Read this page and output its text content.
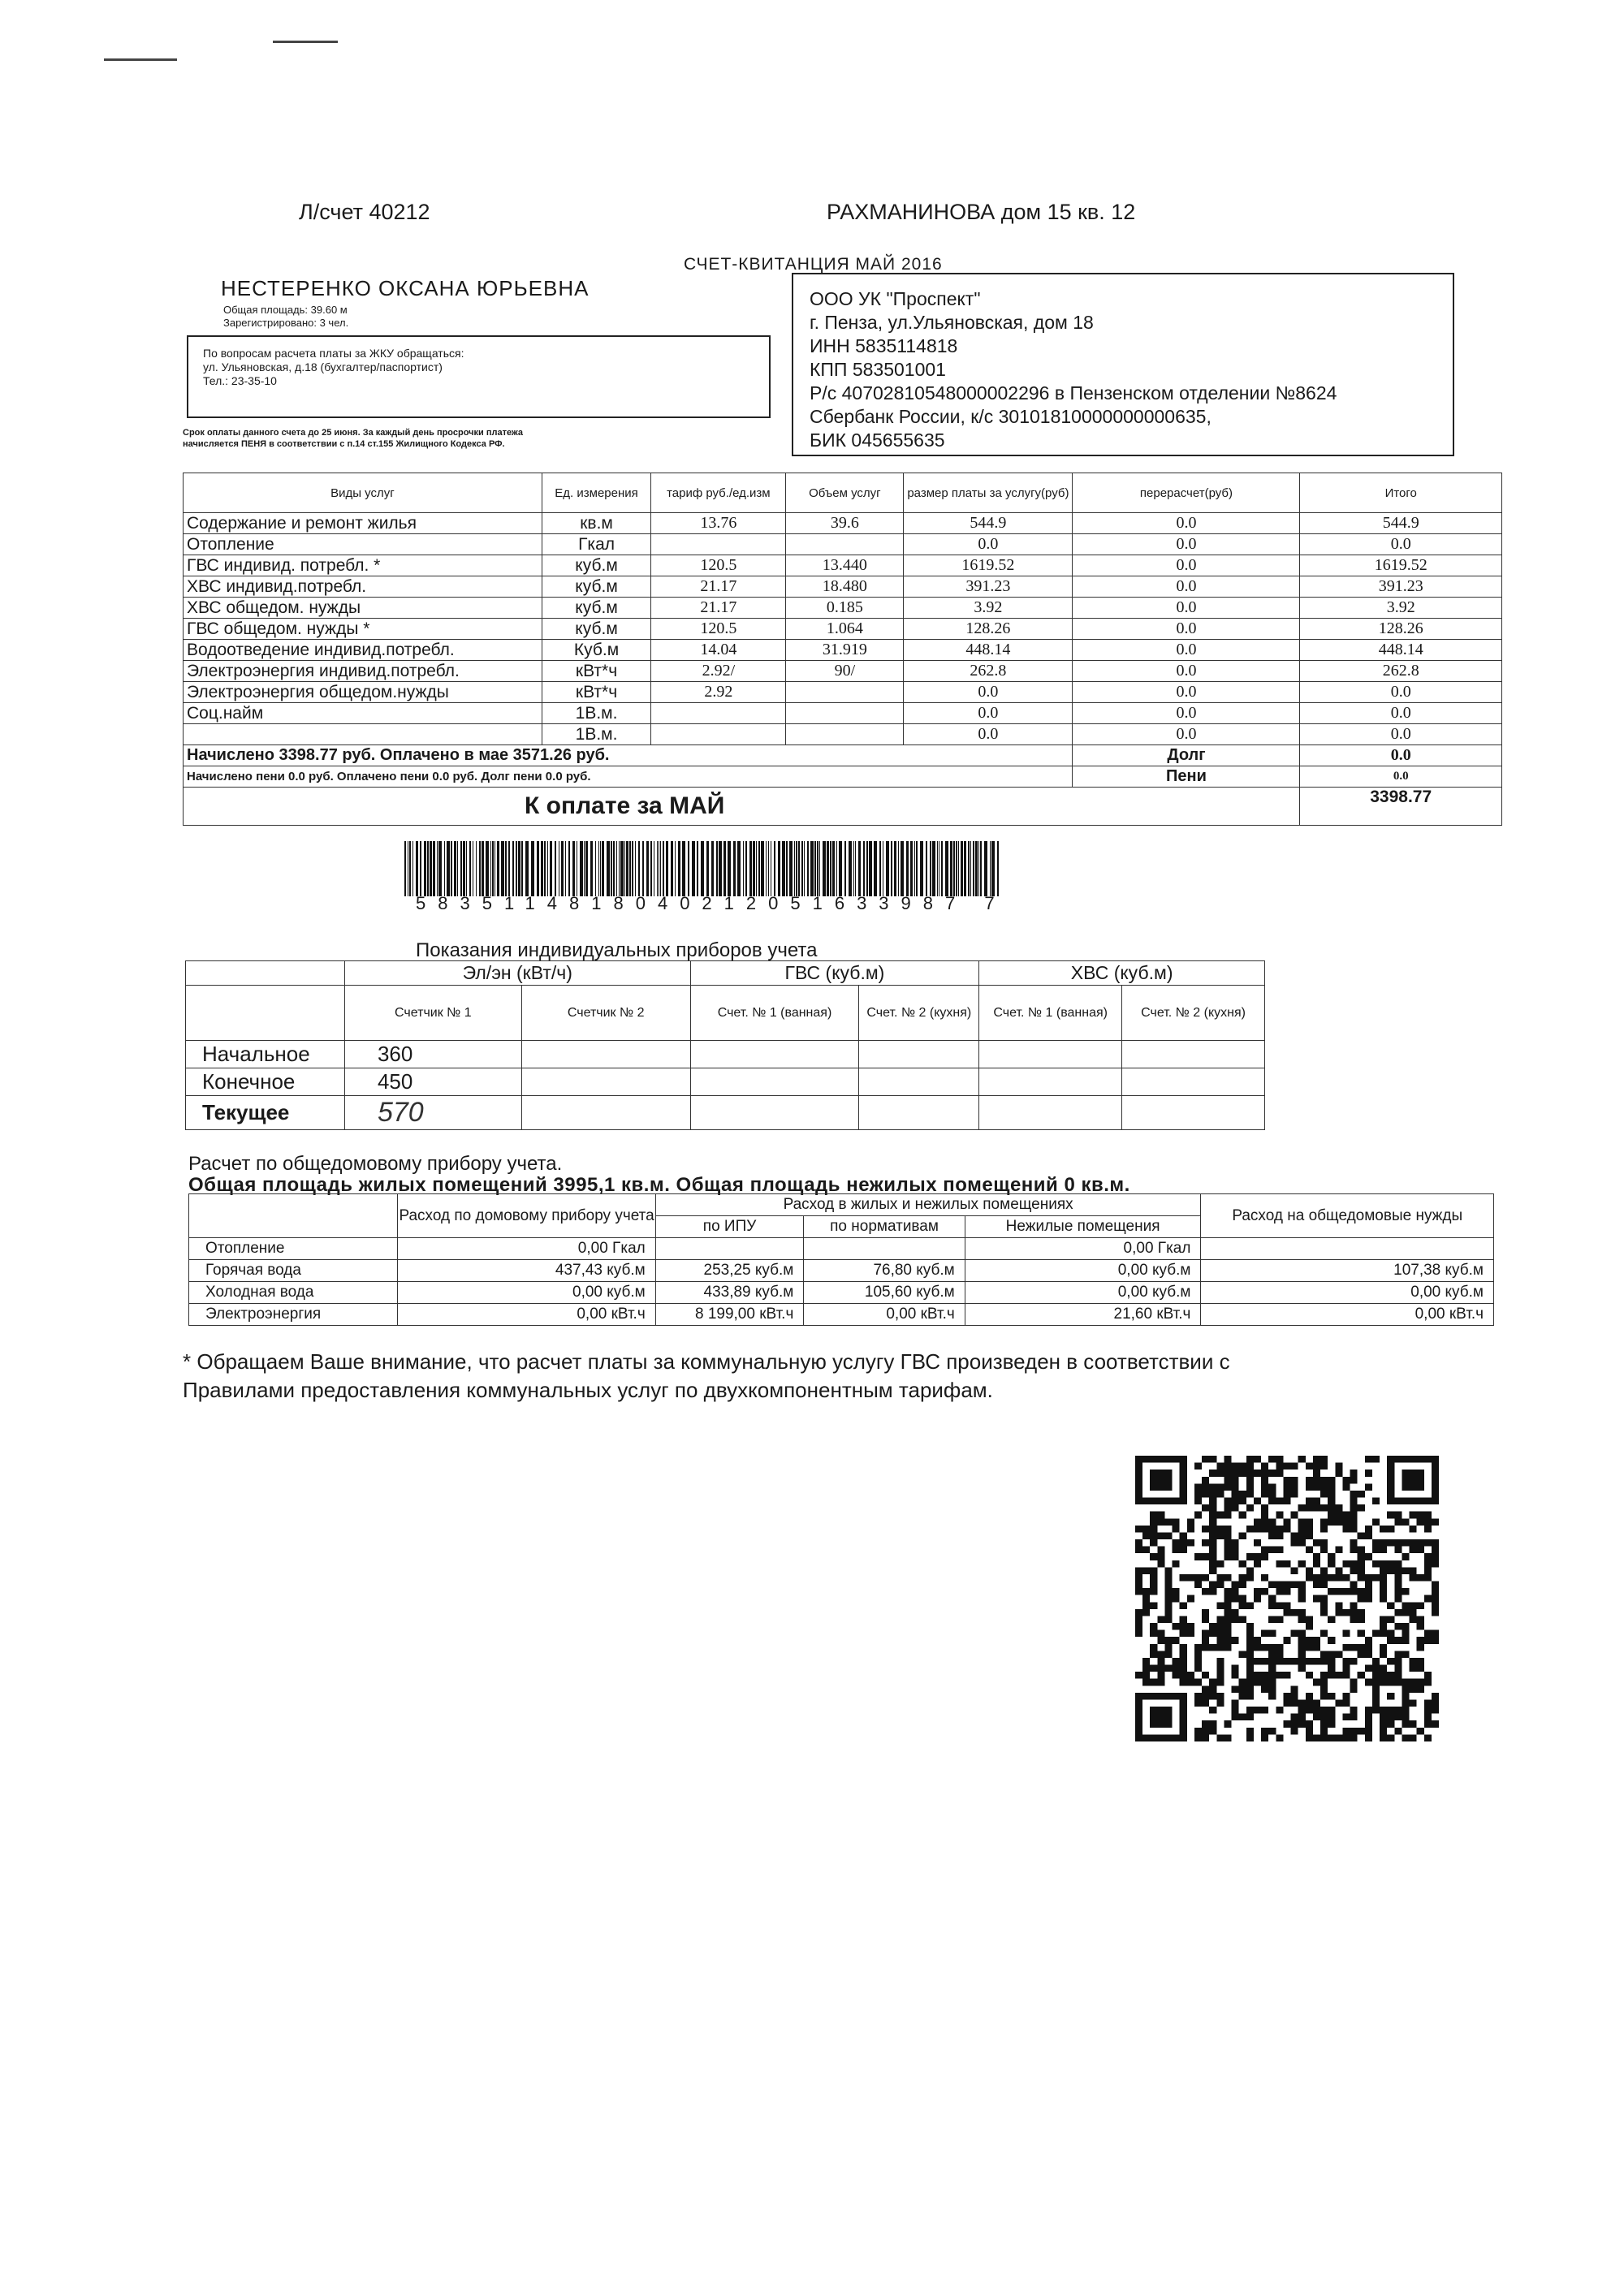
Л/счет 40212	РАХМАНИНОВА дом 15 кв. 12
СЧЕТ-КВИТАНЦИЯ МАЙ 2016
НЕСТЕРЕНКО ОКСАНА ЮРЬЕВНА
Общая площадь: 39.60 м
Зарегистрировано: 3 чел.
По вопросам расчета платы за ЖКУ обращаться:
ул. Ульяновская, д.18 (бухгалтер/паспортист)
Тел.: 23-35-10
Срок оплаты данного счета до 25 июня. За каждый день просрочки платежа
начисляется ПЕНЯ в соответствии с п.14 ст.155 Жилищного Кодекса РФ.
ООО УК "Проспект"
г. Пенза, ул.Ульяновская, дом 18
ИНН 5835114818
КПП 583501001
Р/с 40702810548000002296 в Пензенском отделении №8624
Сбербанк России, к/с 30101810000000000635,
БИК 045655635
Виды услуг	Ед. измерения	тариф руб./ед.изм	Объем услуг	размер платы за услугу(руб)	перерасчет(руб)	Итого
Содержание и ремонт жилья	кв.м	13.76	39.6	544.9	0.0	544.9
Отопление	Гкал			0.0	0.0	0.0
ГВС индивид. потребл. *	куб.м	120.5	13.440	1619.52	0.0	1619.52
ХВС индивид.потребл.	куб.м	21.17	18.480	391.23	0.0	391.23
ХВС общедом. нужды	куб.м	21.17	0.185	3.92	0.0	3.92
ГВС общедом. нужды *	куб.м	120.5	1.064	128.26	0.0	128.26
Водоотведение индивид.потребл.	Куб.м	14.04	31.919	448.14	0.0	448.14
Электроэнергия индивид.потребл.	кВт*ч	2.92/	90/	262.8	0.0	262.8
Электроэнергия общедом.нужды	кВт*ч	2.92		0.0	0.0	0.0
Соц.найм	1В.м.			0.0	0.0	0.0
	1В.м.			0.0	0.0	0.0
Начислено 3398.77 руб. Оплачено в мае 3571.26 руб.					Долг	0.0
Начислено пени 0.0 руб. Оплачено пени 0.0 руб. Долг пени 0.0 руб.					Пени	0.0
К оплате за МАЙ						3398.77
5835114818040212051633987 7
Показания индивидуальных приборов учета
	Эл/эн (кВт/ч)		ГВС (куб.м)		ХВС (куб.м)	
	Счетчик № 1	Счетчик № 2	Счет. № 1 (ванная)	Счет. № 2 (кухня)	Счет. № 1 (ванная)	Счет. № 2 (кухня)
Начальное	360					
Конечное	450					
Текущее	570					
Расчет по общедомовому прибору учета.
Общая площадь жилых помещений 3995,1 кв.м. Общая площадь нежилых помещений 0 кв.м.
	Расход по домовому прибору учета	Расход в жилых и нежилых помещениях			Расход на общедомовые нужды
		по ИПУ	по нормативам	Нежилые помещения	
Отопление	0,00 Гкал			0,00 Гкал	
Горячая вода	437,43 куб.м	253,25 куб.м	76,80 куб.м	0,00 куб.м	107,38 куб.м
Холодная вода	0,00 куб.м	433,89 куб.м	105,60 куб.м	0,00 куб.м	0,00 куб.м
Электроэнергия	0,00 кВт.ч	8 199,00 кВт.ч	0,00 кВт.ч	21,60 кВт.ч	0,00 кВт.ч
* Обращаем Ваше внимание, что расчет платы за коммунальную услугу ГВС произведен в соответствии с
Правилами предоставления коммунальных услуг по двухкомпонентным тарифам.
